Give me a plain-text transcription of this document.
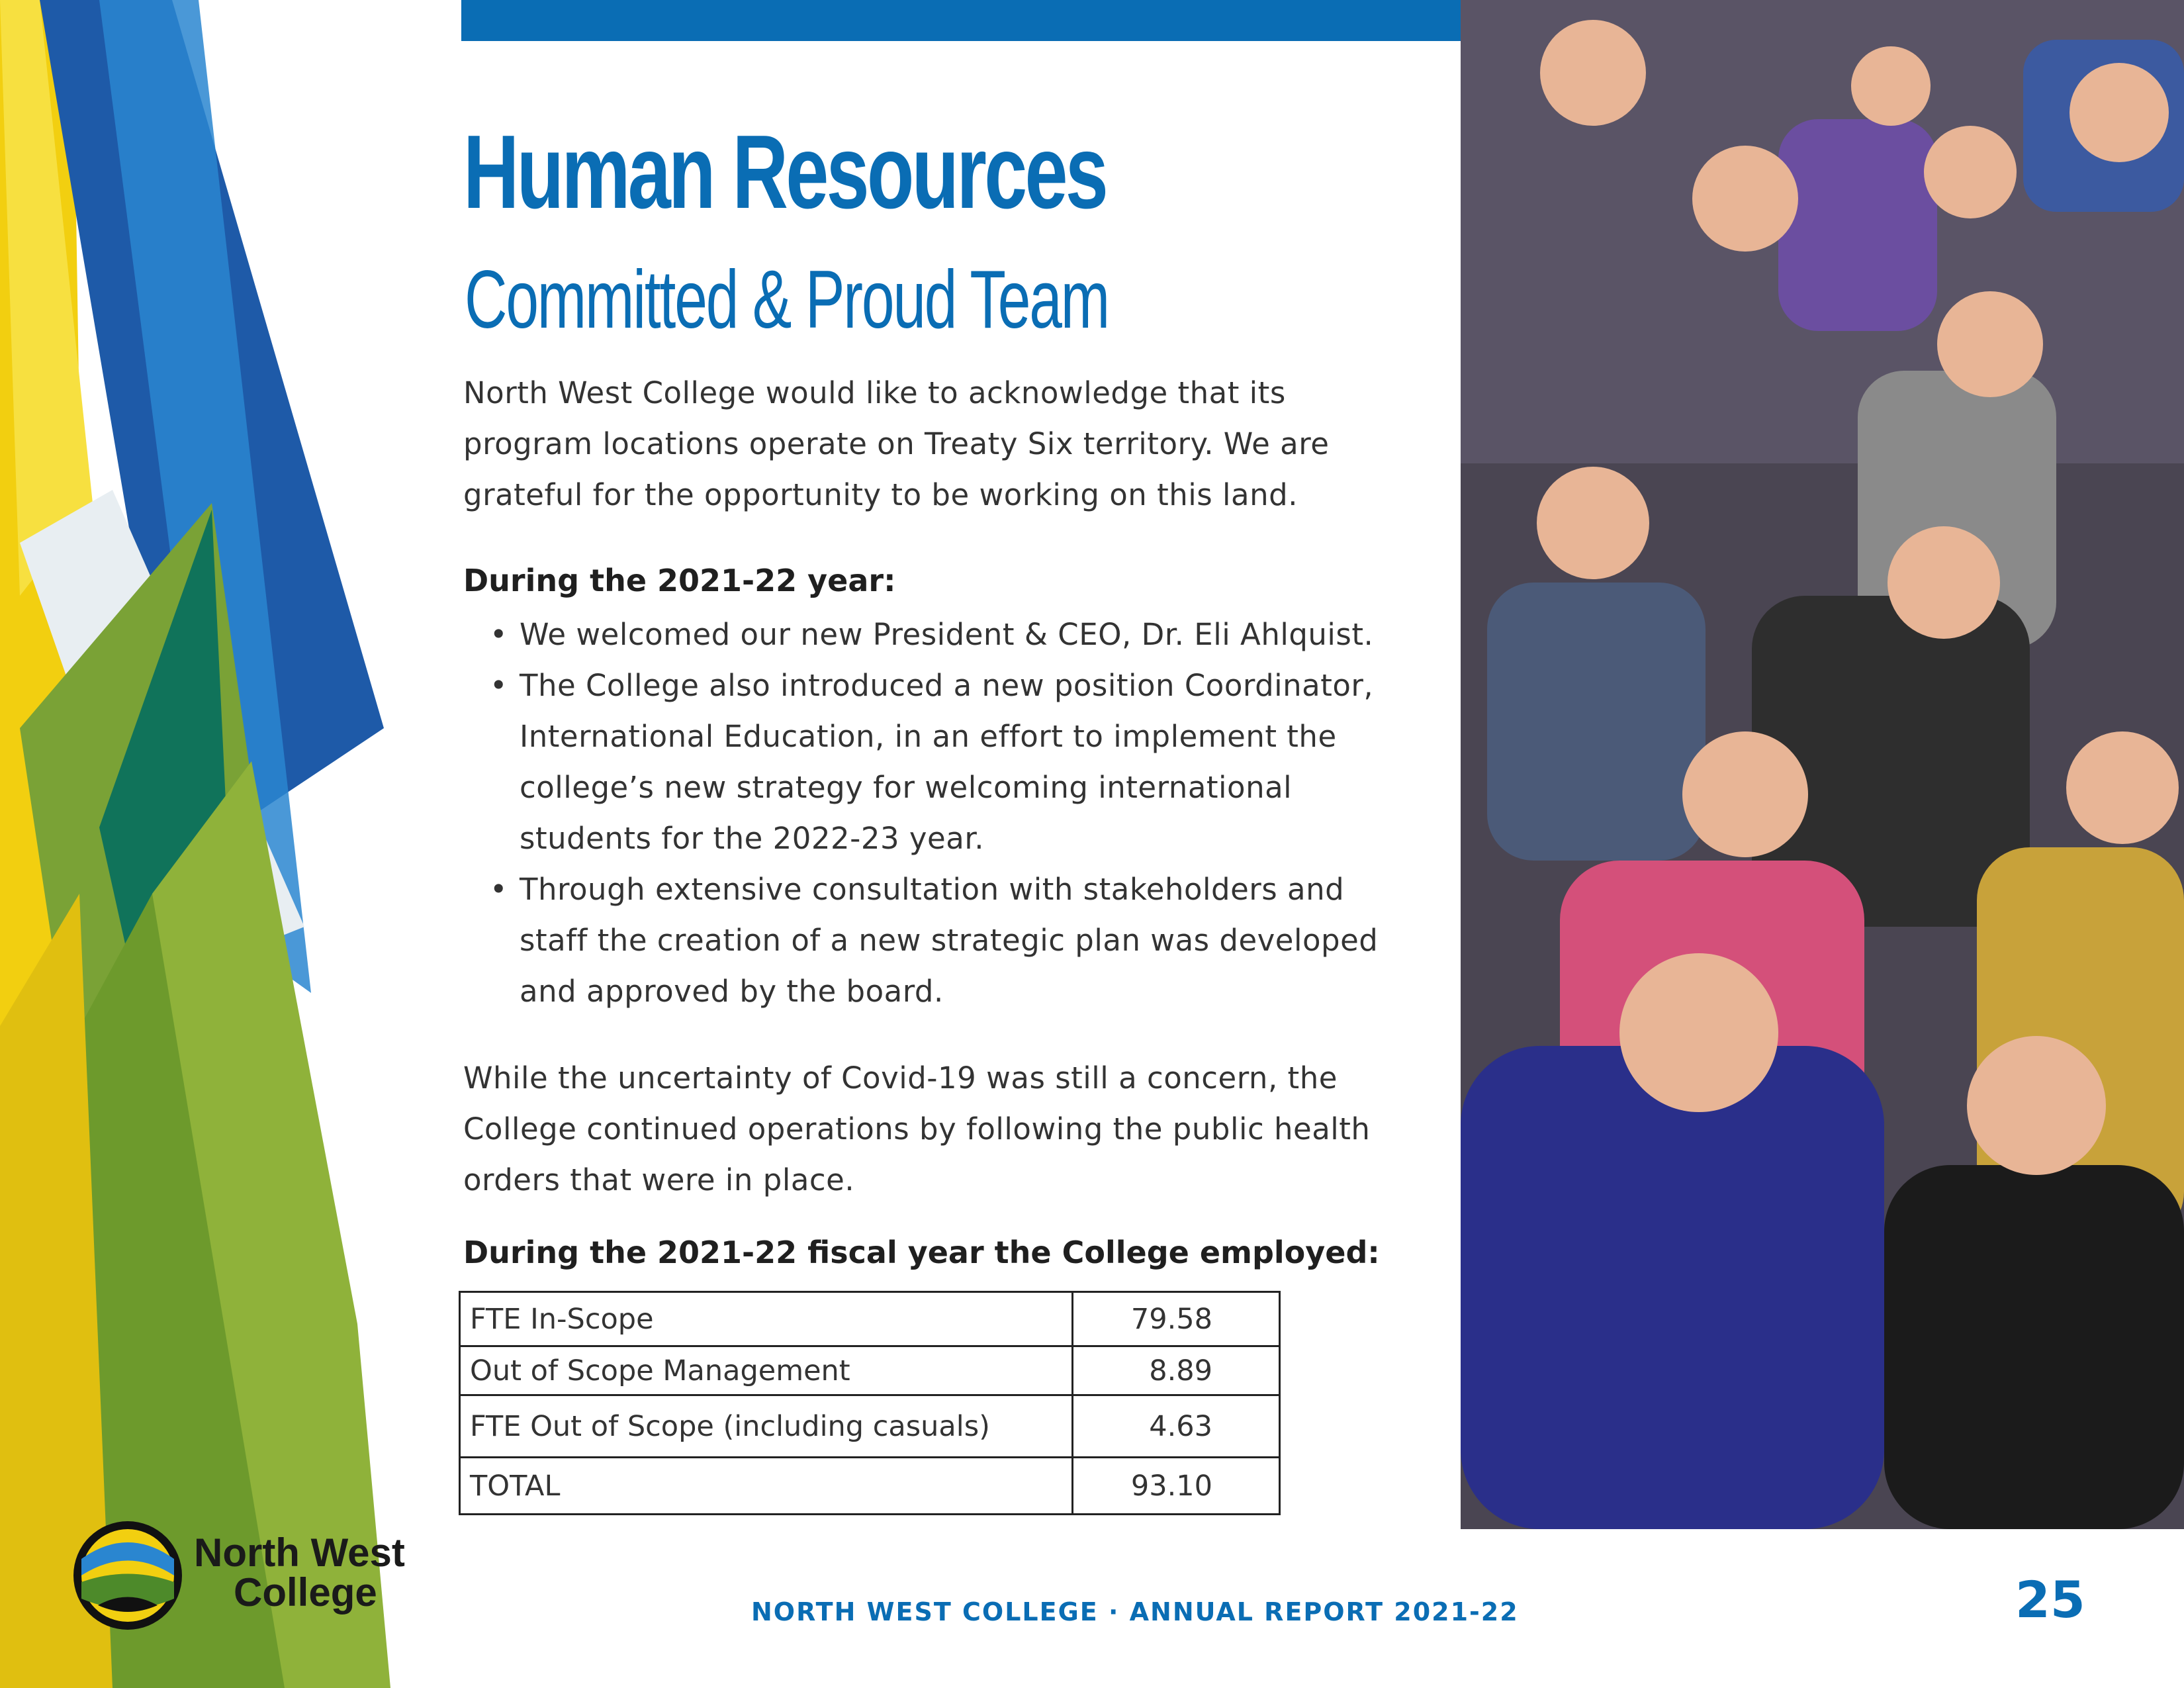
Human Resources
Committed & Proud Team
North West College would like to acknowledge that its program locations operate on Treaty Six territory. We are grateful for the opportunity to be working on this land.
During the 2021-22 year:
• We welcomed our new President & CEO, Dr. Eli Ahlquist.
• The College also introduced a new position Coordinator, International Education, in an effort to implement the college’s new strategy for welcoming international students for the 2022-23 year.
• Through extensive consultation with stakeholders and staff the creation of a new strategic plan was developed and approved by the board.
While the uncertainty of Covid-19 was still a concern, the College continued operations by following the public health orders that were in place.
During the 2021-22 fiscal year the College employed:
FTE In-Scope	79.58
Out of Scope Management	8.89
FTE Out of Scope (including casuals)	4.63
TOTAL	93.10
North West
College	NORTH WEST COLLEGE · ANNUAL REPORT 2021-22	25
